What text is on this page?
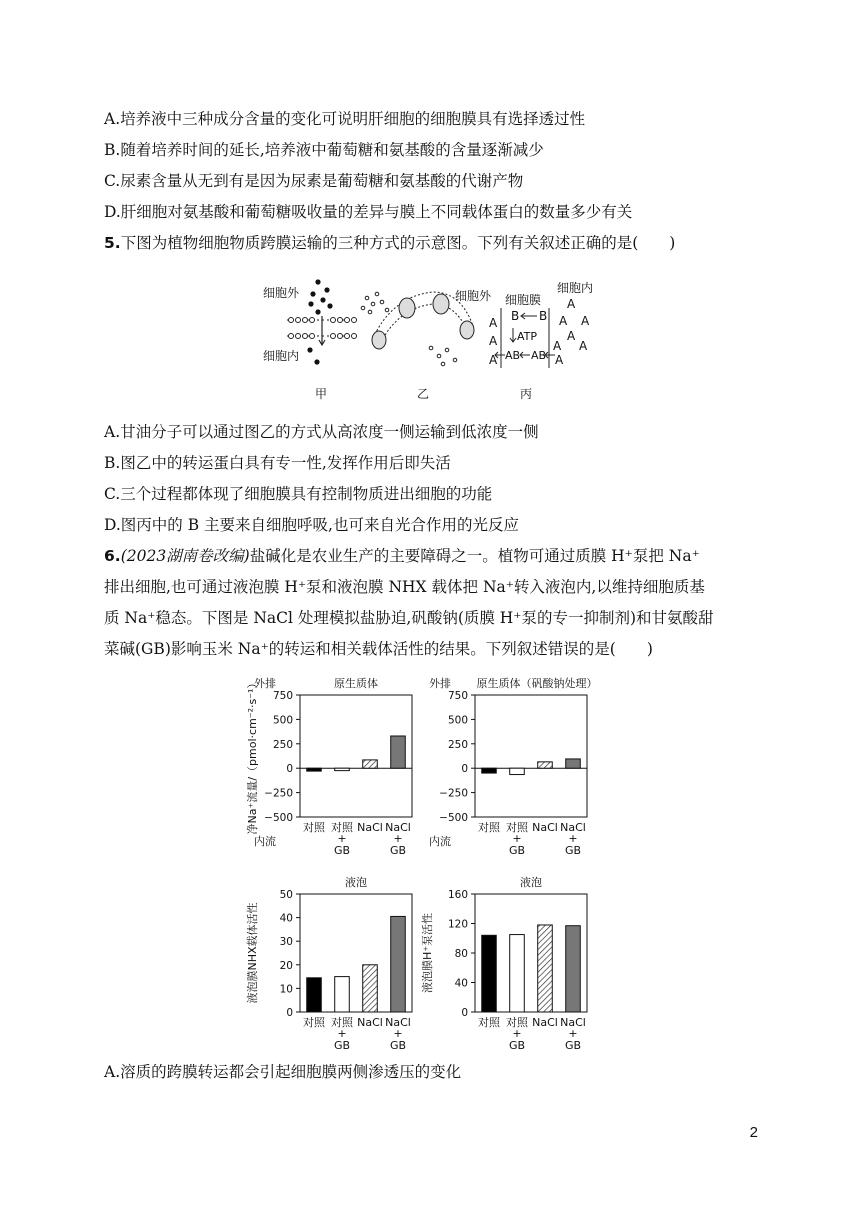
A.培养液中三种成分含量的变化可说明肝细胞的细胞膜具有选择透过性
B.随着培养时间的延长,培养液中葡萄糖和氨基酸的含量逐渐减少
C.尿素含量从无到有是因为尿素是葡萄糖和氨基酸的代谢产物
D.肝细胞对氨基酸和葡萄糖吸收量的差异与膜上不同载体蛋白的数量多少有关
5.下图为植物细胞物质跨膜运输的三种方式的示意图。下列有关叙述正确的是(　　)
细胞外
细胞内
甲	乙
细胞外 细胞膜
细胞内
B B
ATP
AB AB
A
A
A
A
A A
A
A A
A
丙
A.甘油分子可以通过图乙的方式从高浓度一侧运输到低浓度一侧
B.图乙中的转运蛋白具有专一性,发挥作用后即失活
C.三个过程都体现了细胞膜具有控制物质进出细胞的功能
D.图丙中的 B 主要来自细胞呼吸,也可来自光合作用的光反应
6.(2023湖南卷改编)盐碱化是农业生产的主要障碍之一。植物可通过质膜 H⁺泵把 Na⁺
排出细胞,也可通过液泡膜 H⁺泵和液泡膜 NHX 载体把 Na⁺转入液泡内,以维持细胞质基
质 Na⁺稳态。下图是 NaCl 处理模拟盐胁迫,矾酸钠(质膜 H⁺泵的专一抑制剂)和甘氨酸甜
菜碱(GB)影响玉米 Na⁺的转运和相关载体活性的结果。下列叙述错误的是(　　)
原生质体
750
500
250
0
−250
−500
对照 对照
+
GB
NaCl NaCl
+
GB
外排
内流
净Na⁺流量/（pmol·cm⁻²·s⁻¹）	原生质体（矾酸钠处理）
750
500
250
0
−250
−500
对照 对照
+
GB
NaCl NaCl
+
GB
外排
内流
液泡
50
40
30
20
10
0
对照 对照
+
GB
NaCl NaCl
+
GB
液泡膜NHX载体活性
液泡
160
120
80
40
0
对照 对照
+
GB
NaCl NaCl
+
GB
液泡膜H⁺泵活性
A.溶质的跨膜转运都会引起细胞膜两侧渗透压的变化
2
